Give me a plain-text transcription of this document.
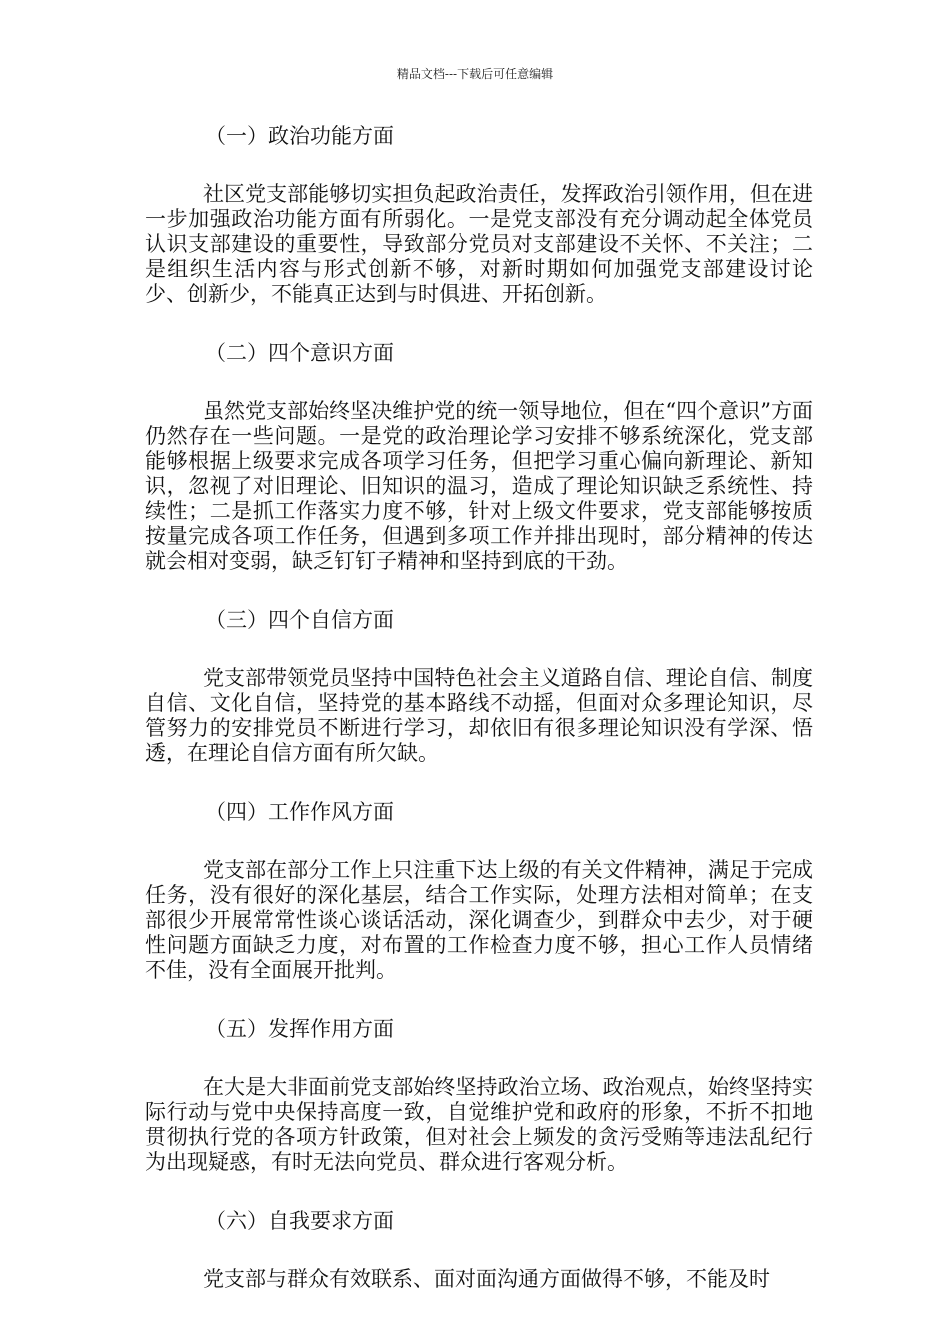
精品文档---下载后可任意编辑

（一）政治功能方面

社区党支部能够切实担负起政治责任，发挥政治引领作用，但在进一步加强政治功能方面有所弱化。一是党支部没有充分调动起全体党员认识支部建设的重要性，导致部分党员对支部建设不关怀、不关注；二是组织生活内容与形式创新不够，对新时期如何加强党支部建设讨论少、创新少，不能真正达到与时俱进、开拓创新。

（二）四个意识方面

虽然党支部始终坚决维护党的统一领导地位，但在“四个意识”方面仍然存在一些问题。一是党的政治理论学习安排不够系统深化，党支部能够根据上级要求完成各项学习任务，但把学习重心偏向新理论、新知识，忽视了对旧理论、旧知识的温习，造成了理论知识缺乏系统性、持续性；二是抓工作落实力度不够，针对上级文件要求，党支部能够按质按量完成各项工作任务，但遇到多项工作并排出现时，部分精神的传达就会相对变弱，缺乏钉钉子精神和坚持到底的干劲。

（三）四个自信方面

党支部带领党员坚持中国特色社会主义道路自信、理论自信、制度自信、文化自信，坚持党的基本路线不动摇，但面对众多理论知识，尽管努力的安排党员不断进行学习，却依旧有很多理论知识没有学深、悟透，在理论自信方面有所欠缺。

（四）工作作风方面

党支部在部分工作上只注重下达上级的有关文件精神，满足于完成任务，没有很好的深化基层，结合工作实际，处理方法相对简单；在支部很少开展常常性谈心谈话活动，深化调查少，到群众中去少，对于硬性问题方面缺乏力度，对布置的工作检查力度不够，担心工作人员情绪不佳，没有全面展开批判。

（五）发挥作用方面

在大是大非面前党支部始终坚持政治立场、政治观点，始终坚持实际行动与党中央保持高度一致，自觉维护党和政府的形象，不折不扣地贯彻执行党的各项方针政策，但对社会上频发的贪污受贿等违法乱纪行为出现疑惑，有时无法向党员、群众进行客观分析。

（六）自我要求方面

党支部与群众有效联系、面对面沟通方面做得不够，不能及时
